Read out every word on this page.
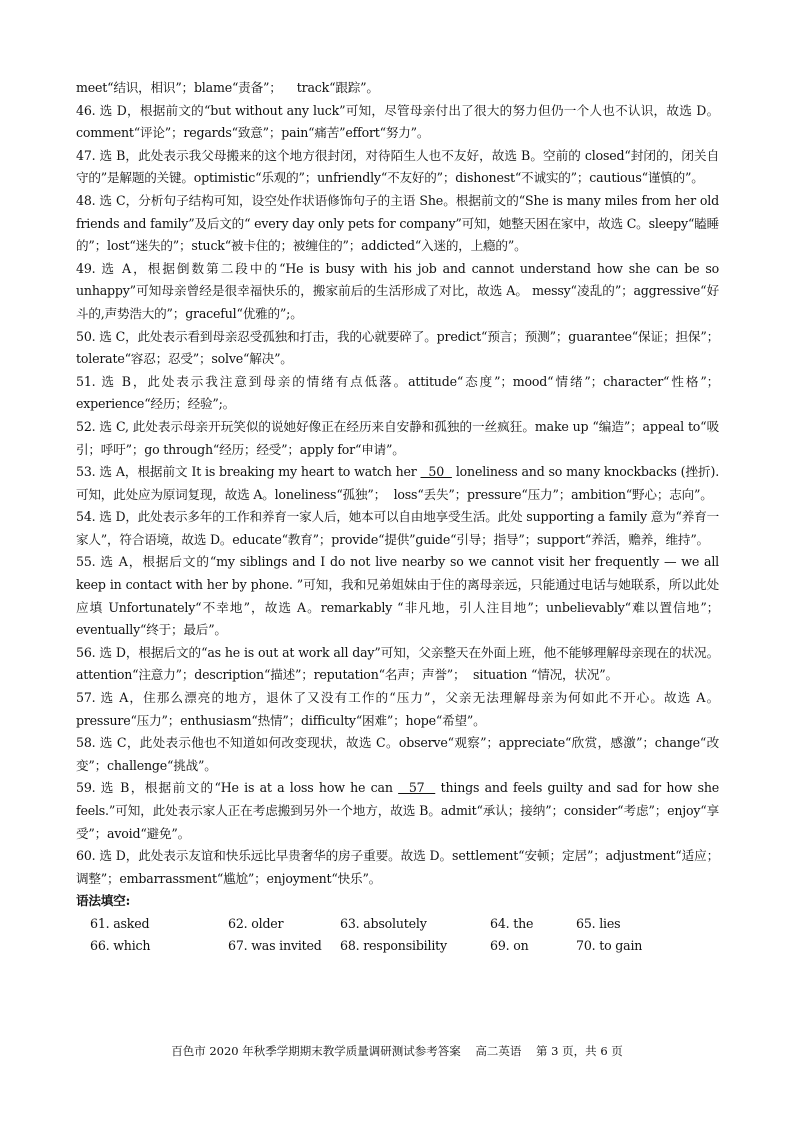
meet“结识，相识”；blame“责备”；    track“跟踪”。

46. 选 D，根据前文的“but without any luck”可知，尽管母亲付出了很大的努力但仍一个人也不认识，故选 D。comment“评论”；regards“致意”；pain“痛苦”effort“努力”。

47. 选 B，此处表示我父母搬来的这个地方很封闭，对待陌生人也不友好，故选 B。空前的 closed“封闭的，闭关自守的”是解题的关键。optimistic“乐观的”；unfriendly“不友好的”；dishonest“不诚实的”；cautious“谨慎的”。

48. 选 C，分析句子结构可知，设空处作状语修饰句子的主语 She。根据前文的“She is many miles from her old friends and family”及后文的“ every day only pets for company”可知，她整天困在家中，故选 C。sleepy“瞌睡的”；lost“迷失的”；stuck“被卡住的；被缠住的”；addicted“入迷的，上瘾的”。

49. 选 A，根据倒数第二段中的“He is busy with his job and cannot understand how she can be so unhappy”可知母亲曾经是很幸福快乐的，搬家前后的生活形成了对比，故选 A。 messy“凌乱的”；aggressive“好斗的,声势浩大的”；graceful“优雅的”;。

50. 选 C，此处表示看到母亲忍受孤独和打击，我的心就要碎了。predict“预言；预测”；guarantee“保证；担保”；tolerate“容忍；忍受”；solve“解决”。

51. 选 B，此处表示我注意到母亲的情绪有点低落。attitude“态度”；mood“情绪”；character“性格”；experience“经历；经验”;。

52. 选 C, 此处表示母亲开玩笑似的说她好像正在经历来自安静和孤独的一丝疯狂。make up “编造”；appeal to“吸引；呼吁”；go through“经历；经受”；apply for“申请”。

53. 选 A，根据前文 It is breaking my heart to watch her   50   loneliness and so many knockbacks (挫折).可知，此处应为原词复现，故选 A。loneliness“孤独”；  loss“丢失”；pressure“压力”；ambition“野心；志向”。

54. 选 D，此处表示多年的工作和养育一家人后，她本可以自由地享受生活。此处 supporting a family 意为“养育一家人”，符合语境，故选 D。educate“教育”；provide“提供”guide“引导；指导”；support“养活，赡养，维持”。

55. 选 A，根据后文的“my siblings and I do not live nearby so we cannot visit her frequently — we all keep in contact with her by phone. ”可知，我和兄弟姐妹由于住的离母亲远，只能通过电话与她联系，所以此处应填 Unfortunately“不幸地”，故选 A。remarkably “非凡地，引人注目地”；unbelievably“难以置信地”；eventually“终于；最后”。

56. 选 D，根据后文的“as he is out at work all day”可知，父亲整天在外面上班，他不能够理解母亲现在的状况。attention“注意力”；description“描述”；reputation“名声；声誉”；  situation “情况，状况”。

57. 选 A，住那么漂亮的地方，退休了又没有工作的“压力”，父亲无法理解母亲为何如此不开心。故选 A。pressure“压力”；enthusiasm“热情”；difficulty“困难”；hope“希望”。

58. 选 C，此处表示他也不知道如何改变现状，故选 C。observe“观察”；appreciate“欣赏，感激”；change“改变”；challenge“挑战”。

59. 选 B，根据前文的“He is at a loss how he can   57   things and feels guilty and sad for how she feels.”可知，此处表示家人正在考虑搬到另外一个地方，故选 B。admit“承认；接纳”；consider“考虑”；enjoy“享受”；avoid“避免”。

60. 选 D，此处表示友谊和快乐远比早贵奢华的房子重要。故选 D。settlement“安顿；定居”；adjustment“适应；调整”；embarrassment“尴尬”；enjoyment“快乐”。

语法填空:

61. asked	62. older	63. absolutely	64. the	65. lies
66. which	67. was invited	68. responsibility	69. on	70. to gain
百色市 2020 年秋季学期期末教学质量调研测试参考答案 高二英语 第 3 页，共 6 页
